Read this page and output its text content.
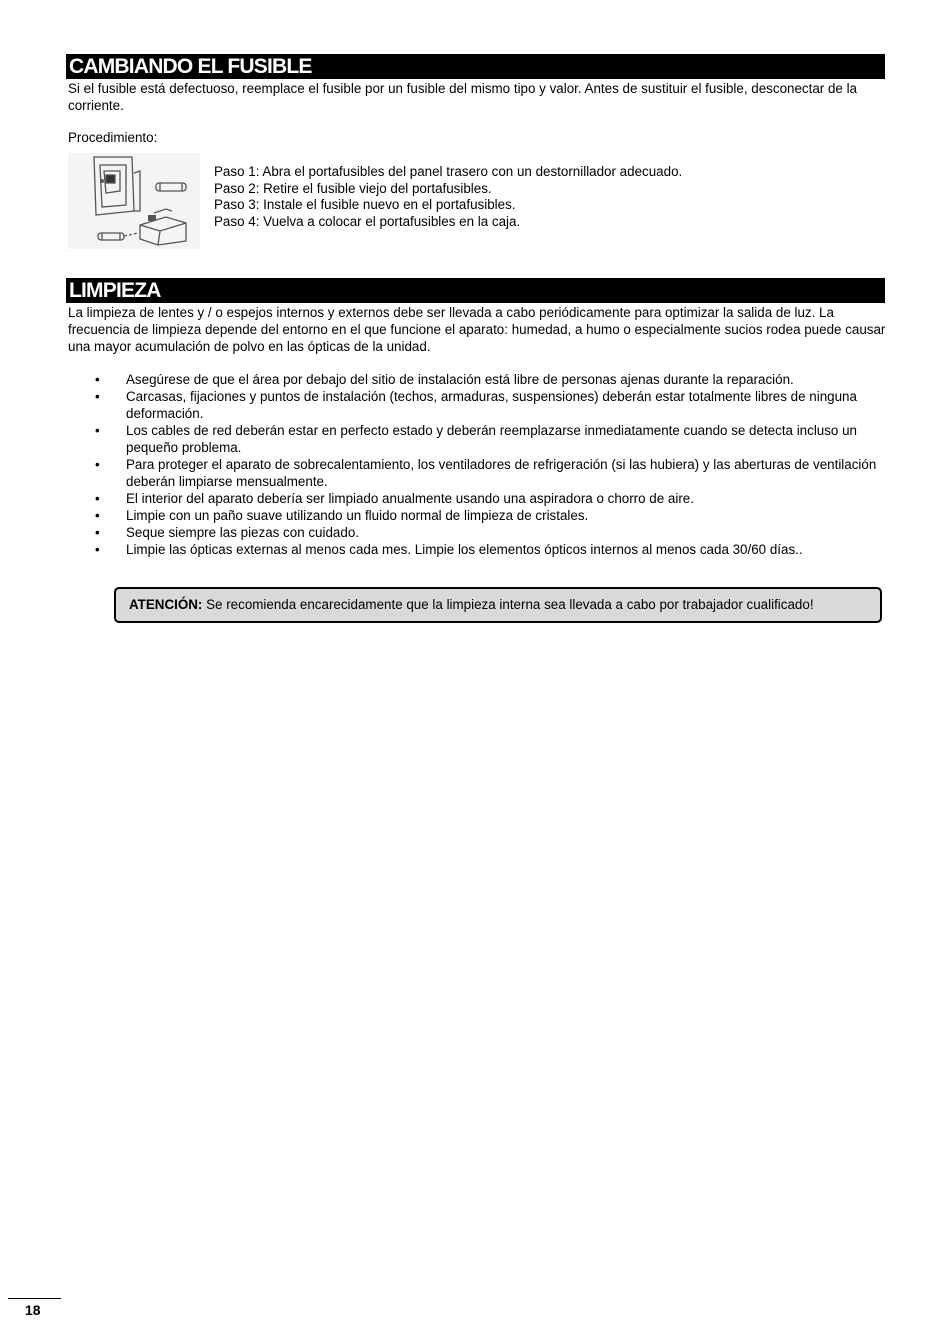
CAMBIANDO EL FUSIBLE

Si el fusible está defectuoso, reemplace el fusible por un fusible del mismo tipo y valor. Antes de sustituir el fusible, desconectar de la corriente.

Procedimiento:

Paso 1: Abra el portafusibles del panel trasero con un destornillador adecuado.
Paso 2: Retire el fusible viejo del portafusibles.
Paso 3: Instale el fusible nuevo en el portafusibles.
Paso 4: Vuelva a colocar el portafusibles en la caja.
LIMPIEZA

La limpieza de lentes y / o espejos internos y externos debe ser llevada a cabo periódicamente para optimizar la salida de luz. La frecuencia de limpieza depende del entorno en el que funcione el aparato: humedad, a humo o especialmente sucios rodea puede causar una mayor acumulación de polvo en las ópticas de la unidad.

• Asegúrese de que el área por debajo del sitio de instalación está libre de personas ajenas durante la reparación.
• Carcasas, fijaciones y puntos de instalación (techos, armaduras, suspensiones) deberán estar totalmente libres de ninguna deformación.
• Los cables de red deberán estar en perfecto estado y deberán reemplazarse inmediatamente cuando se detecta incluso un pequeño problema.
• Para proteger el aparato de sobrecalentamiento, los ventiladores de refrigeración (si las hubiera) y las aberturas de ventilación deberán limpiarse mensualmente.
• El interior del aparato debería ser limpiado anualmente usando una aspiradora o chorro de aire.
• Limpie con un paño suave utilizando un fluido normal de limpieza de cristales.
• Seque siempre las piezas con cuidado.
• Limpie las ópticas externas al menos cada mes. Limpie los elementos ópticos internos al menos cada 30/60 días..
ATENCIÓN: Se recomienda encarecidamente que la limpieza interna sea llevada a cabo por trabajador cualificado!
18
